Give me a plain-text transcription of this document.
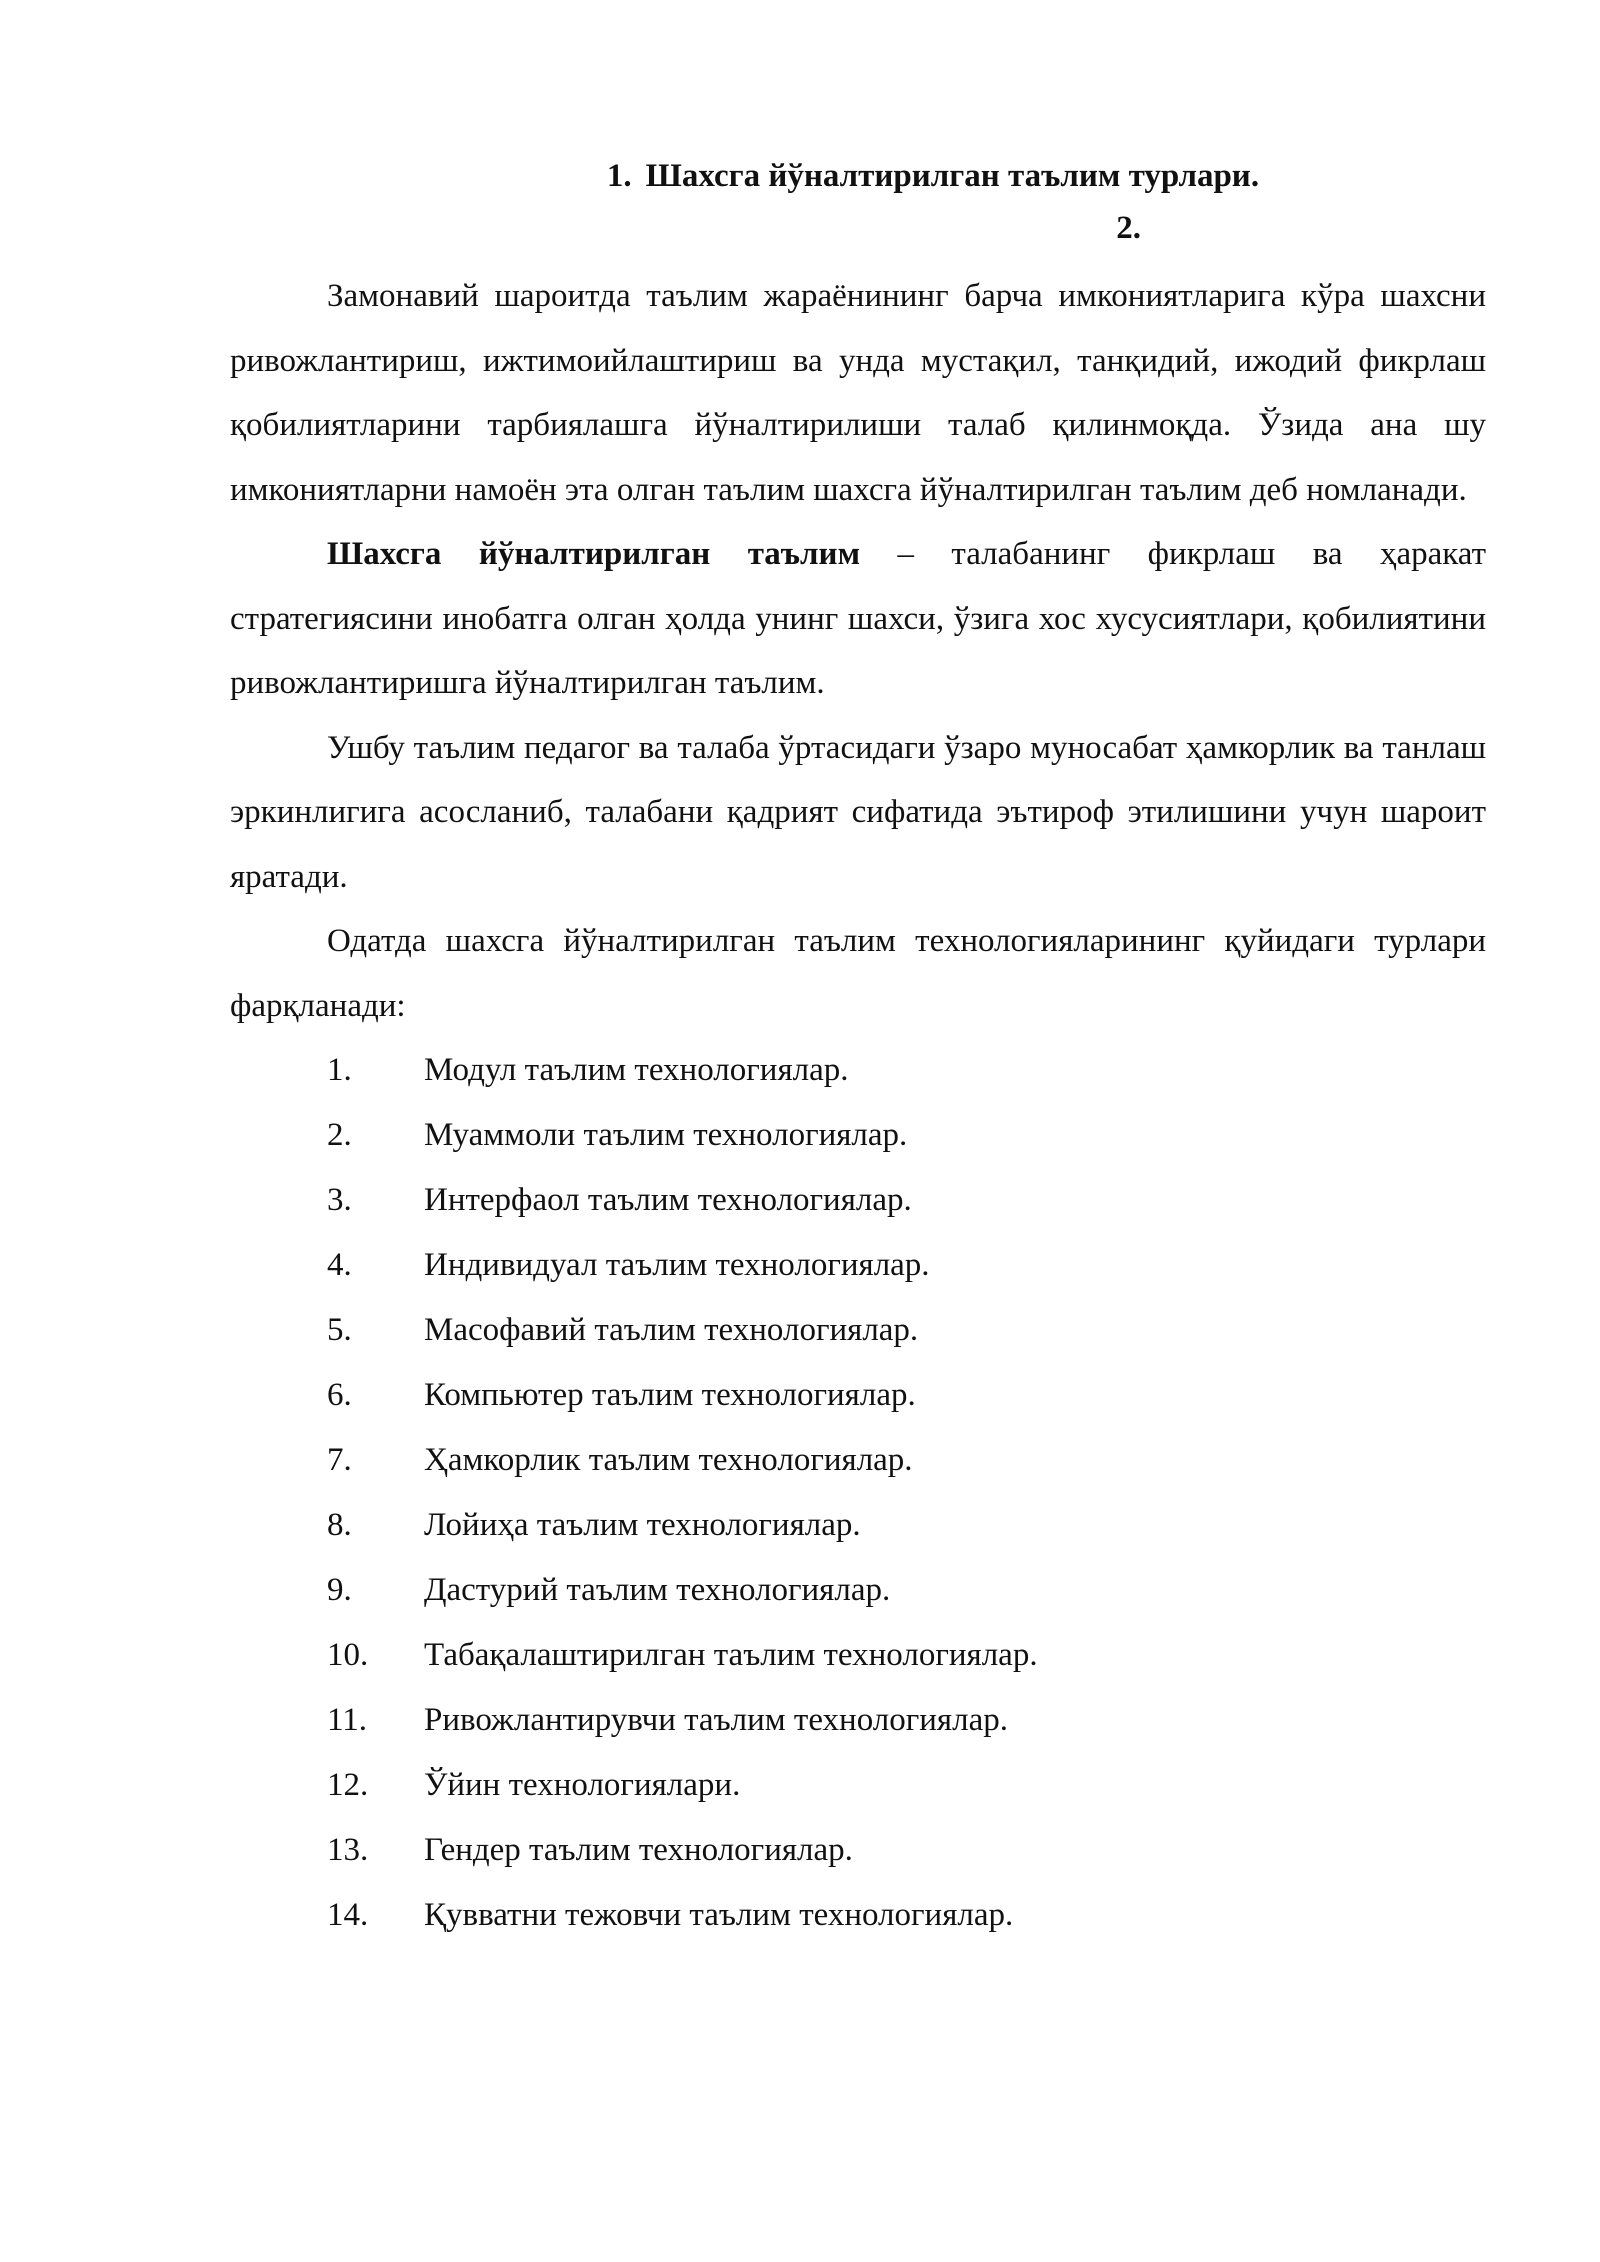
1. Шахсга йўналтирилган таълим турлари.
2.

Замонавий шароитда таълим жараёнининг барча имкониятларига кўра шахсни ривожлантириш, ижтимоийлаштириш ва унда мустақил, танқидий, ижодий фикрлаш қобилиятларини тарбиялашга йўналтирилиши талаб қилинмоқда. Ўзида ана шу имкониятларни намоён эта олган таълим шахсга йўналтирилган таълим деб номланади.

Шахсга йўналтирилган таълим – талабанинг фикрлаш ва ҳаракат стратегиясини инобатга олган ҳолда унинг шахси, ўзига хос хусусиятлари, қобилиятини ривожлантиришга йўналтирилган таълим.

Ушбу таълим педагог ва талаба ўртасидаги ўзаро муносабат ҳамкорлик ва танлаш эркинлигига асосланиб, талабани қадрият сифатида эътироф этилишини учун шароит яратади.

Одатда шахсга йўналтирилган таълим технологияларининг қуйидаги турлари фарқланади:

1.	Модул таълим технологиялар.
2.	Муаммоли таълим технологиялар.
3.	Интерфаол таълим технологиялар.
4.	Индивидуал таълим технологиялар.
5.	Масофавий таълим технологиялар.
6.	Компьютер таълим технологиялар.
7.	Ҳамкорлик таълим технологиялар.
8.	Лойиҳа таълим технологиялар.
9.	Дастурий таълим технологиялар.
10.	Табақалаштирилган таълим технологиялар.
11.	Ривожлантирувчи таълим технологиялар.
12.	Ўйин технологиялари.
13.	Гендер таълим технологиялар.
14.	Қувватни тежовчи таълим технологиялар.
